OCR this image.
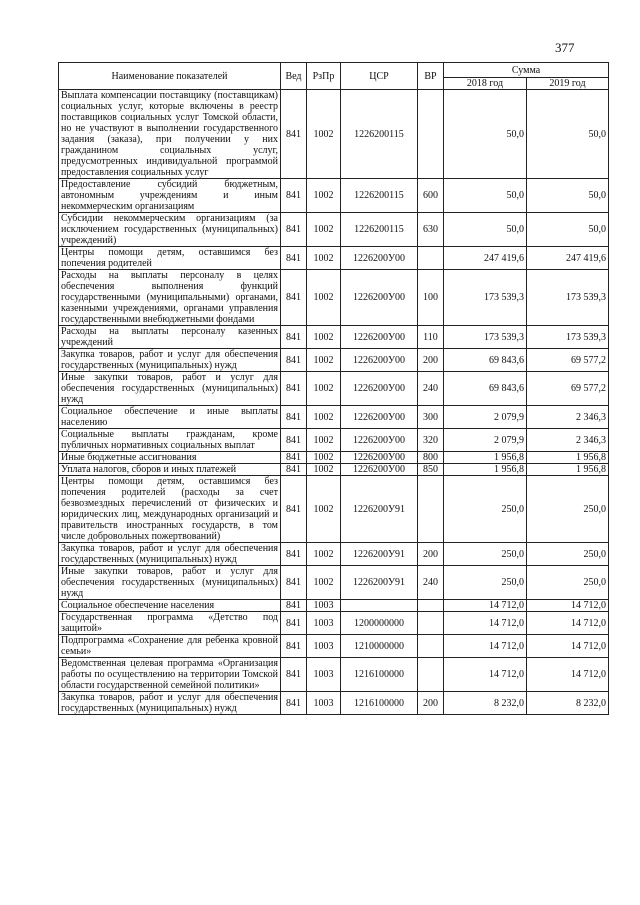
377
Наименование показателей	Вед	РзПр	ЦСР	ВР	Сумма	
					2018 год	2019 год
Выплата компенсации поставщику (поставщикам) социальных услуг, которые включены в реестр поставщиков социальных услуг Томской области, но не участвуют в выполнении государственного задания (заказа), при получении у них гражданином социальных услуг, предусмотренных индивидуальной программой предоставления социальных услуг	841	1002	1226200115		50,0	50,0
Предоставление субсидий бюджетным, автономным учреждениям и иным некоммерческим организациям	841	1002	1226200115	600	50,0	50,0
Субсидии некоммерческим организациям (за исключением государственных (муниципальных) учреждений)	841	1002	1226200115	630	50,0	50,0
Центры помощи детям, оставшимся без попечения родителей	841	1002	1226200У00		247 419,6	247 419,6
Расходы на выплаты персоналу в целях обеспечения выполнения функций государственными (муниципальными) органами, казенными учреждениями, органами управления государственными внебюджетными фондами	841	1002	1226200У00	100	173 539,3	173 539,3
Расходы на выплаты персоналу казенных учреждений	841	1002	1226200У00	110	173 539,3	173 539,3
Закупка товаров, работ и услуг для обеспечения государственных (муниципальных) нужд	841	1002	1226200У00	200	69 843,6	69 577,2
Иные закупки товаров, работ и услуг для обеспечения государственных (муниципальных) нужд	841	1002	1226200У00	240	69 843,6	69 577,2
Социальное обеспечение и иные выплаты населению	841	1002	1226200У00	300	2 079,9	2 346,3
Социальные выплаты гражданам, кроме публичных нормативных социальных выплат	841	1002	1226200У00	320	2 079,9	2 346,3
Иные бюджетные ассигнования	841	1002	1226200У00	800	1 956,8	1 956,8
Уплата налогов, сборов и иных платежей	841	1002	1226200У00	850	1 956,8	1 956,8
Центры помощи детям, оставшимся без попечения родителей (расходы за счет безвозмездных перечислений от физических и юридических лиц, международных организаций и правительств иностранных государств, в том числе добровольных пожертвований)	841	1002	1226200У91		250,0	250,0
Закупка товаров, работ и услуг для обеспечения государственных (муниципальных) нужд	841	1002	1226200У91	200	250,0	250,0
Иные закупки товаров, работ и услуг для обеспечения государственных (муниципальных) нужд	841	1002	1226200У91	240	250,0	250,0
Социальное обеспечение населения	841	1003			14 712,0	14 712,0
Государственная программа «Детство под защитой»	841	1003	1200000000		14 712,0	14 712,0
Подпрограмма «Сохранение для ребенка кровной семьи»	841	1003	1210000000		14 712,0	14 712,0
Ведомственная целевая программа «Организация работы по осуществлению на территории Томской области государственной семейной политики»	841	1003	1216100000		14 712,0	14 712,0
Закупка товаров, работ и услуг для обеспечения государственных (муниципальных) нужд	841	1003	1216100000	200	8 232,0	8 232,0
